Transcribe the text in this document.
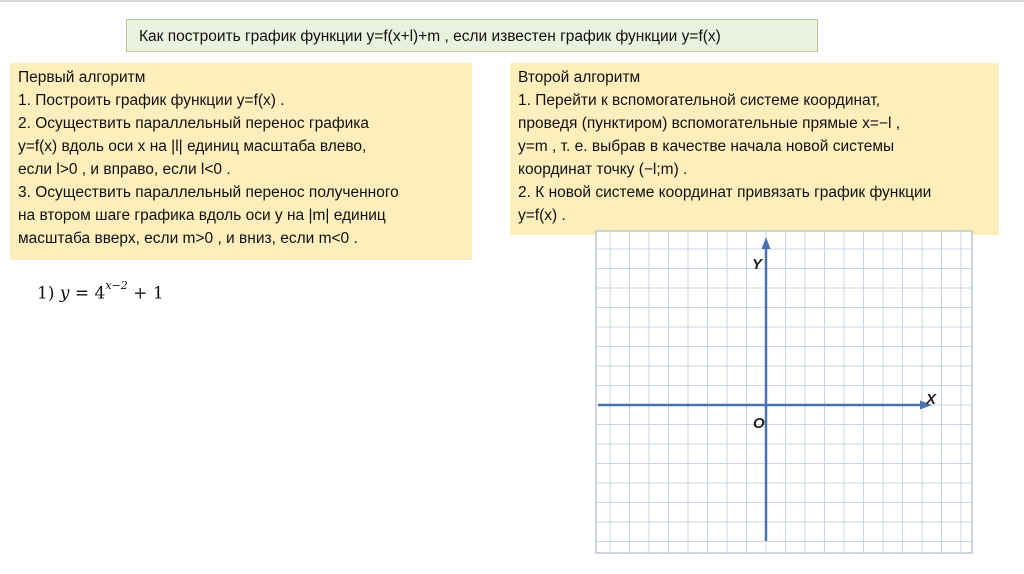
Как построить график функции y=f(x+l)+m , если известен график функции y=f(x)
Первый алгоритм
1. Построить график функции y=f(x) .
2. Осуществить параллельный перенос графика
y=f(x) вдоль оси x на |l| единиц масштаба влево,
если l>0 , и вправо, если l<0 .
3. Осуществить параллельный перенос полученного
на втором шаге графика вдоль оси y на |m| единиц
масштаба вверх, если m>0 , и вниз, если m<0 .
Второй алгоритм
1. Перейти к вспомогательной системе координат,
проведя (пунктиром) вспомогательные прямые x=−l ,
y=m , т. е. выбрав в качестве начала новой системы
координат точку (−l;m) .
2. К новой системе координат привязать график функции
y=f(x) .
1) $y = 4^{x-2} + 1$
Y
X
O
